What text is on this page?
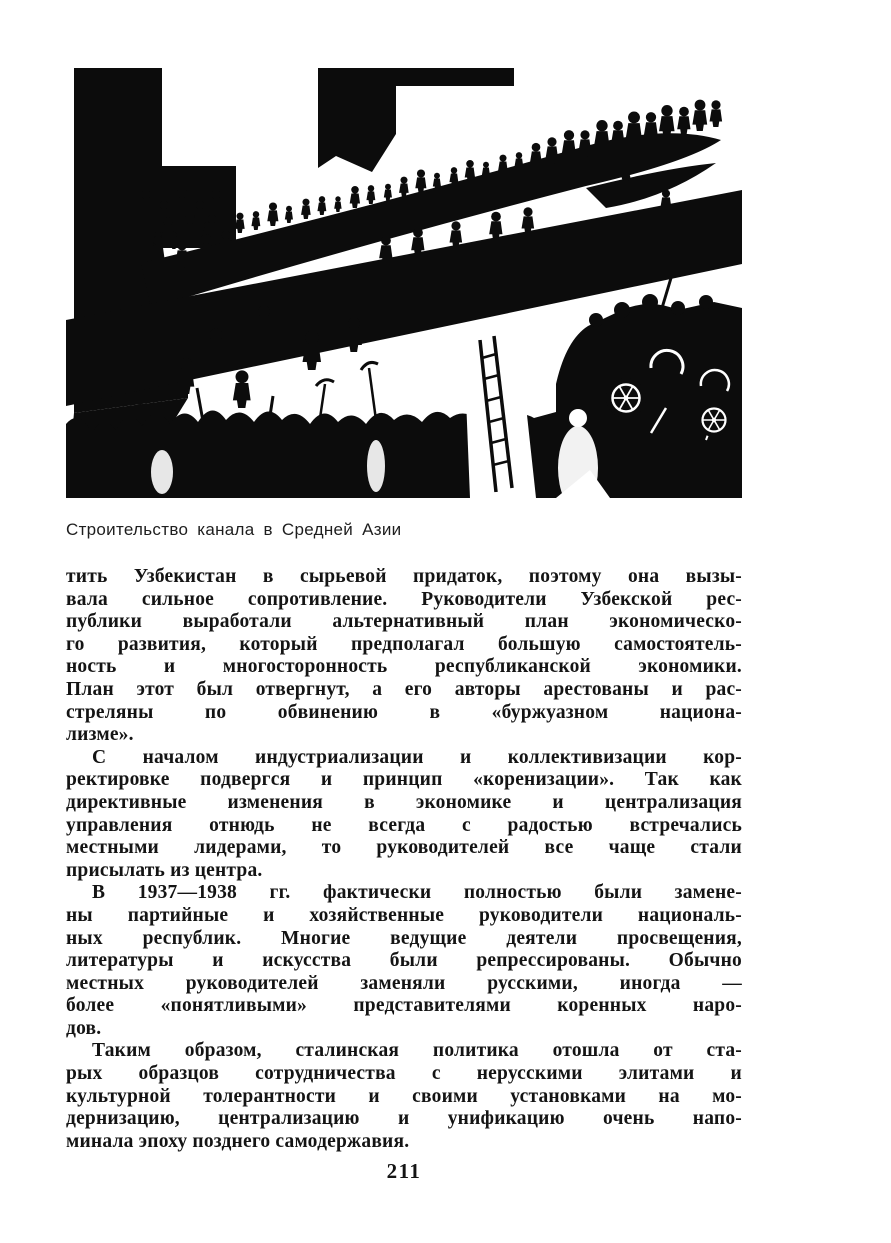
Строительство канала в Средней Азии
тить Узбекистан в сырьевой придаток, поэтому она вызы-
вала сильное сопротивление. Руководители Узбекской рес-
публики выработали альтернативный план экономическо-
го развития, который предполагал большую самостоятель-
ность и многосторонность республиканской экономики.
План этот был отвергнут, а его авторы арестованы и рас-
стреляны по обвинению в «буржуазном национа-
лизме».
С началом индустриализации и коллективизации кор-
ректировке подвергся и принцип «коренизации». Так как
директивные изменения в экономике и централизация
управления отнюдь не всегда с радостью встречались
местными лидерами, то руководителей все чаще стали
присылать из центра.
В 1937—1938 гг. фактически полностью были замене-
ны партийные и хозяйственные руководители националь-
ных республик. Многие ведущие деятели просвещения,
литературы и искусства были репрессированы. Обычно
местных руководителей заменяли русскими, иногда —
более «понятливыми» представителями коренных наро-
дов.
Таким образом, сталинская политика отошла от ста-
рых образцов сотрудничества с нерусскими элитами и
культурной толерантности и своими установками на мо-
дернизацию, централизацию и унификацию очень напо-
минала эпоху позднего самодержавия.
211
